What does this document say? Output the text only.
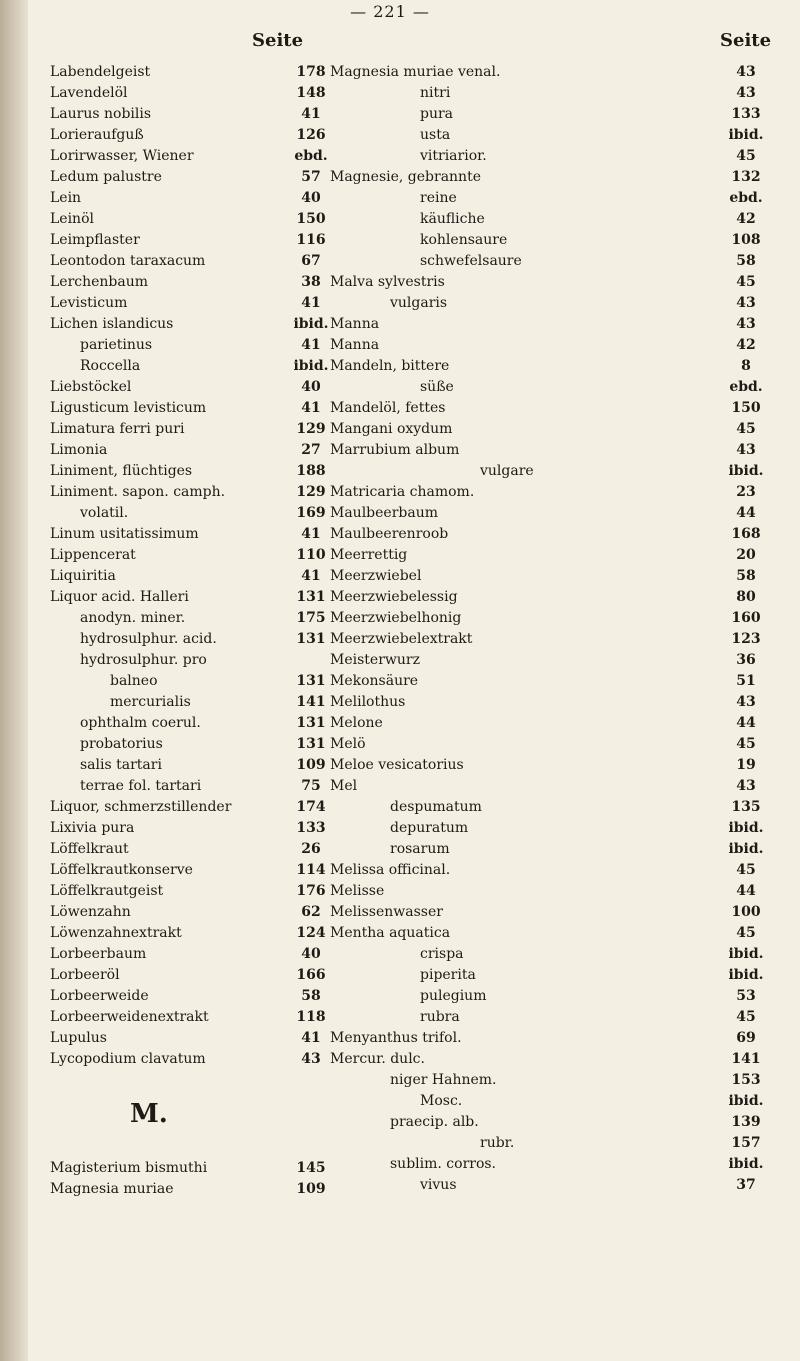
— 221 —
Seite	Seite
Labendelgeist	178
Lavendelöl	148
Laurus nobilis	41
Lorieraufguß	126
Lorirwasser, Wiener	ebd.
Ledum palustre	57
Lein	40
Leinöl	150
Leimpflaster	116
Leontodon taraxacum	67
Lerchenbaum	38
Levisticum	41
Lichen islandicus	ibid.
parietinus	41
Roccella	ibid.
Liebstöckel	40
Ligusticum levisticum	41
Limatura ferri puri	129
Limonia	27
Liniment, flüchtiges	188
Liniment. sapon. camph.	129
volatil.	169
Linum usitatissimum	41
Lippencerat	110
Liquiritia	41
Liquor acid. Halleri	131
anodyn. miner.	175
hydrosulphur. acid.	131
hydrosulphur. pro
balneo	131
mercurialis	141
ophthalm coerul.	131
probatorius	131
salis tartari	109
terrae fol. tartari	75
Liquor, schmerzstillender	174
Lixivia pura	133
Löffelkraut	26
Löffelkrautkonserve	114
Löffelkrautgeist	176
Löwenzahn	62
Löwenzahnextrakt	124
Lorbeerbaum	40
Lorbeeröl	166
Lorbeerweide	58
Lorbeerweidenextrakt	118
Lupulus	41
Lycopodium clavatum	43
M.
Magisterium bismuthi	145
Magnesia muriae	109
Magnesia muriae venal.	43
nitri	43
pura	133
usta	ibid.
vitriarior.	45
Magnesie, gebrannte	132
reine	ebd.
käufliche	42
kohlensaure	108
schwefelsaure	58
Malva sylvestris	45
vulgaris	43
Manna	43
Manna	42
Mandeln, bittere	8
süße	ebd.
Mandelöl, fettes	150
Mangani oxydum	45
Marrubium album	43
vulgare	ibid.
Matricaria chamom.	23
Maulbeerbaum	44
Maulbeerenroob	168
Meerrettig	20
Meerzwiebel	58
Meerzwiebelessig	80
Meerzwiebelhonig	160
Meerzwiebelextrakt	123
Meisterwurz	36
Mekonsäure	51
Melilothus	43
Melone	44
Melö	45
Meloe vesicatorius	19
Mel	43
despumatum	135
depuratum	ibid.
rosarum	ibid.
Melissa officinal.	45
Melisse	44
Melissenwasser	100
Mentha aquatica	45
crispa	ibid.
piperita	ibid.
pulegium	53
rubra	45
Menyanthus trifol.	69
Mercur. dulc.	141
niger Hahnem.	153
Mosc.	ibid.
praecip. alb.	139
rubr.	157
sublim. corros.	ibid.
vivus	37
